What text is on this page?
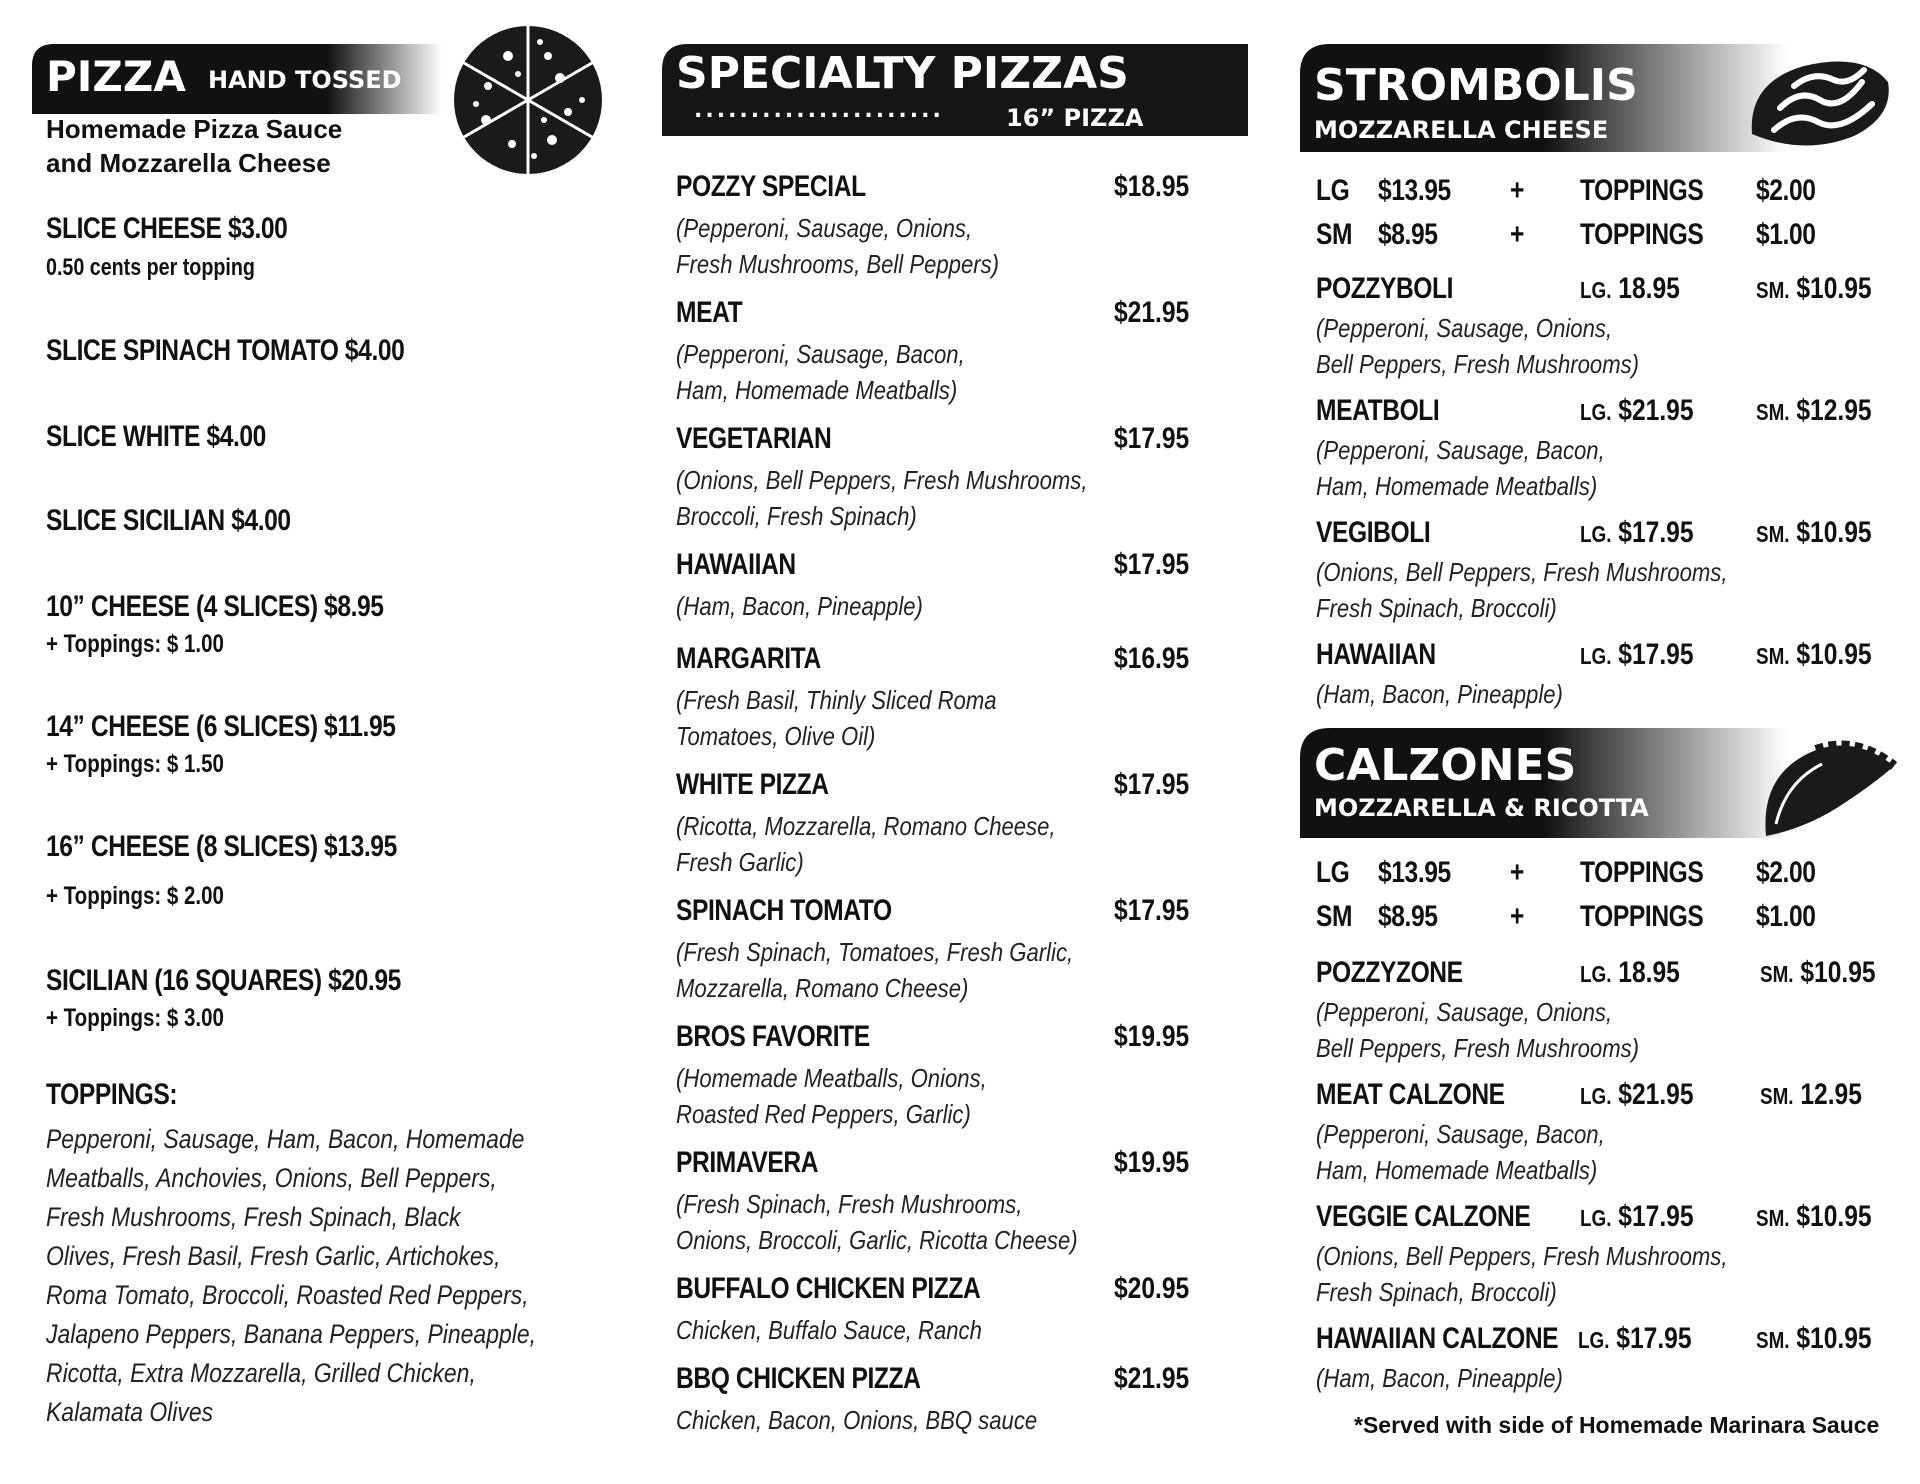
PIZZA HAND TOSSED
Homemade Pizza Sauce
and Mozzarella Cheese
SLICE CHEESE $3.00
0.50 cents per topping
SLICE SPINACH TOMATO $4.00
SLICE WHITE $4.00
SLICE SICILIAN $4.00
10” CHEESE (4 SLICES) $8.95
+ Toppings: $ 1.00
14” CHEESE (6 SLICES) $11.95
+ Toppings: $ 1.50
16” CHEESE (8 SLICES) $13.95
+ Toppings: $ 2.00
SICILIAN (16 SQUARES) $20.95
+ Toppings: $ 3.00
TOPPINGS:
Pepperoni, Sausage, Ham, Bacon, Homemade
Meatballs, Anchovies, Onions, Bell Peppers,
Fresh Mushrooms, Fresh Spinach, Black
Olives, Fresh Basil, Fresh Garlic, Artichokes,
Roma Tomato, Broccoli, Roasted Red Peppers,
Jalapeno Peppers, Banana Peppers, Pineapple,
Ricotta, Extra Mozzarella, Grilled Chicken,
Kalamata Olives
SPECIALTY PIZZAS
......................	16” PIZZA
POZZY SPECIAL	$18.95
(Pepperoni, Sausage, Onions,
Fresh Mushrooms, Bell Peppers)
MEAT	$21.95
(Pepperoni, Sausage, Bacon,
Ham, Homemade Meatballs)
VEGETARIAN	$17.95
(Onions, Bell Peppers, Fresh Mushrooms,
Broccoli, Fresh Spinach)
HAWAIIAN	$17.95
(Ham, Bacon, Pineapple)
MARGARITA	$16.95
(Fresh Basil, Thinly Sliced Roma
Tomatoes, Olive Oil)
WHITE PIZZA	$17.95
(Ricotta, Mozzarella, Romano Cheese,
Fresh Garlic)
SPINACH TOMATO	$17.95
(Fresh Spinach, Tomatoes, Fresh Garlic,
Mozzarella, Romano Cheese)
BROS FAVORITE	$19.95
(Homemade Meatballs, Onions,
Roasted Red Peppers, Garlic)
PRIMAVERA	$19.95
(Fresh Spinach, Fresh Mushrooms,
Onions, Broccoli, Garlic, Ricotta Cheese)
BUFFALO CHICKEN PIZZA	$20.95
Chicken, Buffalo Sauce, Ranch
BBQ CHICKEN PIZZA	$21.95
Chicken, Bacon, Onions, BBQ sauce
STROMBOLIS
MOZZARELLA CHEESE
LG $13.95 + TOPPINGS $2.00
SM $8.95 + TOPPINGS $1.00
POZZYBOLI	LG. 18.95	SM. $10.95
(Pepperoni, Sausage, Onions,
Bell Peppers, Fresh Mushrooms)
MEATBOLI	LG. $21.95	SM. $12.95
(Pepperoni, Sausage, Bacon,
Ham, Homemade Meatballs)
VEGIBOLI	LG. $17.95	SM. $10.95
(Onions, Bell Peppers, Fresh Mushrooms,
Fresh Spinach, Broccoli)
HAWAIIAN	LG. $17.95	SM. $10.95
(Ham, Bacon, Pineapple)
CALZONES
MOZZARELLA & RICOTTA
LG $13.95 + TOPPINGS $2.00
SM $8.95 + TOPPINGS $1.00
POZZYZONE	LG. 18.95	SM. $10.95
(Pepperoni, Sausage, Onions,
Bell Peppers, Fresh Mushrooms)
MEAT CALZONE	LG. $21.95	SM. 12.95
(Pepperoni, Sausage, Bacon,
Ham, Homemade Meatballs)
VEGGIE CALZONE LG. $17.95	SM. $10.95
(Onions, Bell Peppers, Fresh Mushrooms,
Fresh Spinach, Broccoli)
HAWAIIAN CALZONE LG. $17.95	SM. $10.95
(Ham, Bacon, Pineapple)
*Served with side of Homemade Marinara Sauce
